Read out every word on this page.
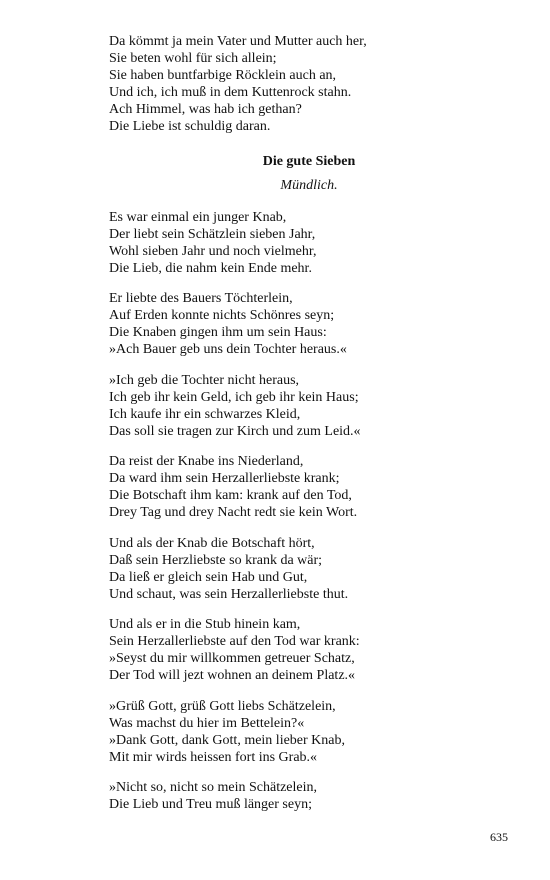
Da kömmt ja mein Vater und Mutter auch her,
Sie beten wohl für sich allein;
Sie haben buntfarbige Röcklein auch an,
Und ich, ich muß in dem Kuttenrock stahn.
Ach Himmel, was hab ich gethan?
Die Liebe ist schuldig daran.
Die gute Sieben
Mündlich.
Es war einmal ein junger Knab,
Der liebt sein Schätzlein sieben Jahr,
Wohl sieben Jahr und noch vielmehr,
Die Lieb, die nahm kein Ende mehr.
Er liebte des Bauers Töchterlein,
Auf Erden konnte nichts Schönres seyn;
Die Knaben gingen ihm um sein Haus:
»Ach Bauer geb uns dein Tochter heraus.«
»Ich geb die Tochter nicht heraus,
Ich geb ihr kein Geld, ich geb ihr kein Haus;
Ich kaufe ihr ein schwarzes Kleid,
Das soll sie tragen zur Kirch und zum Leid.«
Da reist der Knabe ins Niederland,
Da ward ihm sein Herzallerliebste krank;
Die Botschaft ihm kam: krank auf den Tod,
Drey Tag und drey Nacht redt sie kein Wort.
Und als der Knab die Botschaft hört,
Daß sein Herzliebste so krank da wär;
Da ließ er gleich sein Hab und Gut,
Und schaut, was sein Herzallerliebste thut.
Und als er in die Stub hinein kam,
Sein Herzallerliebste auf den Tod war krank:
»Seyst du mir willkommen getreuer Schatz,
Der Tod will jezt wohnen an deinem Platz.«
»Grüß Gott, grüß Gott liebs Schätzelein,
Was machst du hier im Bettelein?«
»Dank Gott, dank Gott, mein lieber Knab,
Mit mir wirds heissen fort ins Grab.«
»Nicht so, nicht so mein Schätzelein,
Die Lieb und Treu muß länger seyn;
635
